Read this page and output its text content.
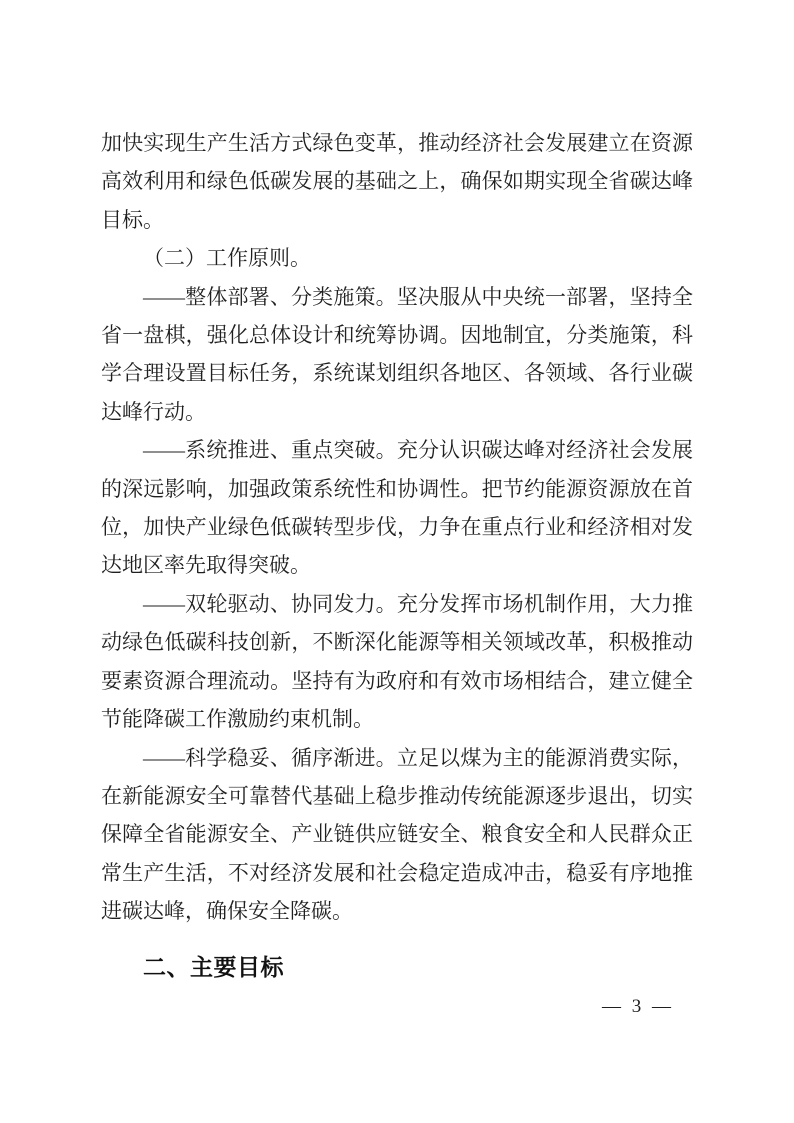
加快实现生产生活方式绿色变革，推动经济社会发展建立在资源高效利用和绿色低碳发展的基础之上，确保如期实现全省碳达峰目标。

（二）工作原则。

——整体部署、分类施策。坚决服从中央统一部署，坚持全省一盘棋，强化总体设计和统筹协调。因地制宜，分类施策，科学合理设置目标任务，系统谋划组织各地区、各领域、各行业碳达峰行动。

——系统推进、重点突破。充分认识碳达峰对经济社会发展的深远影响，加强政策系统性和协调性。把节约能源资源放在首位，加快产业绿色低碳转型步伐，力争在重点行业和经济相对发达地区率先取得突破。

——双轮驱动、协同发力。充分发挥市场机制作用，大力推动绿色低碳科技创新，不断深化能源等相关领域改革，积极推动要素资源合理流动。坚持有为政府和有效市场相结合，建立健全节能降碳工作激励约束机制。

——科学稳妥、循序渐进。立足以煤为主的能源消费实际，在新能源安全可靠替代基础上稳步推动传统能源逐步退出，切实保障全省能源安全、产业链供应链安全、粮食安全和人民群众正常生产生活，不对经济发展和社会稳定造成冲击，稳妥有序地推进碳达峰，确保安全降碳。

二、主要目标

— 3 —
